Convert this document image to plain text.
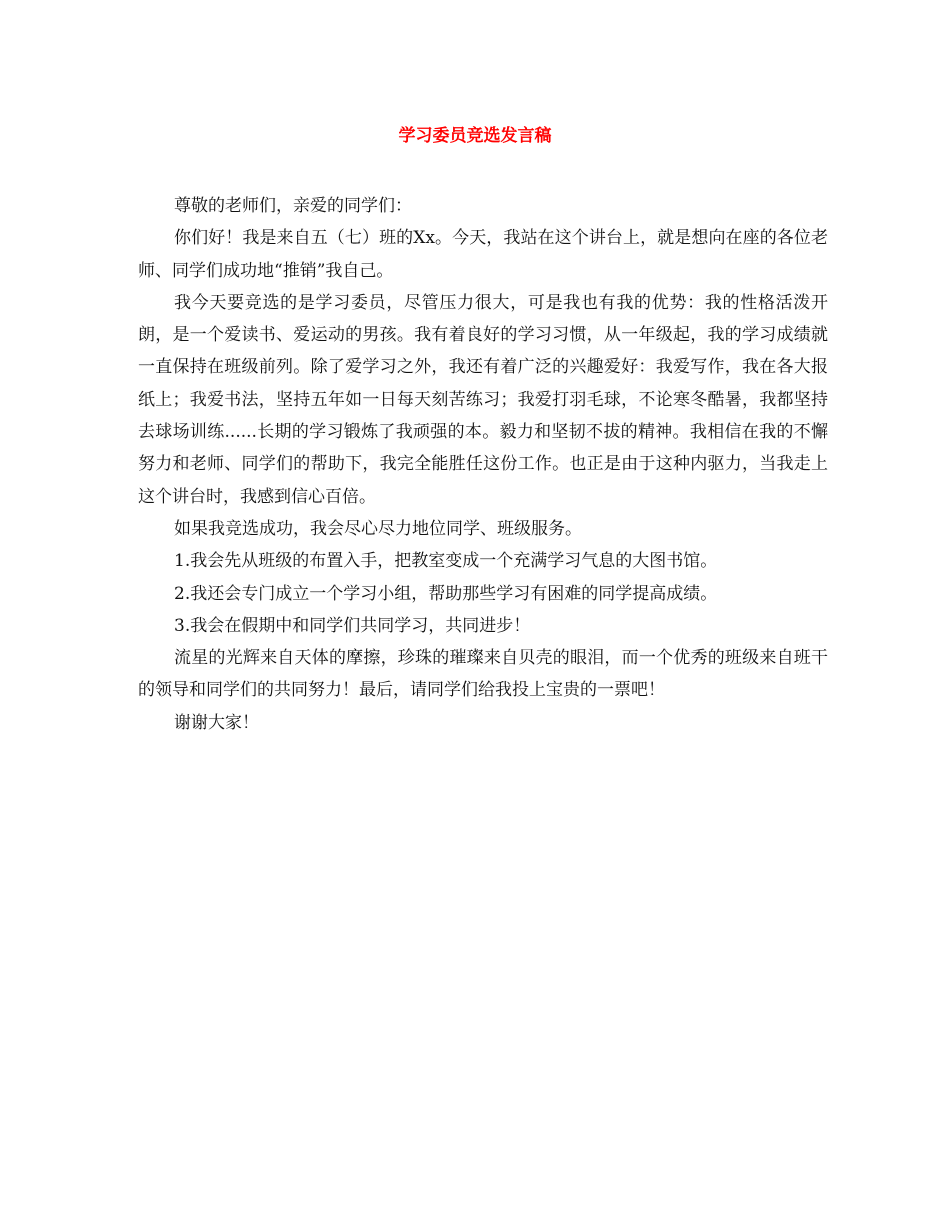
学习委员竞选发言稿

尊敬的老师们，亲爱的同学们：

你们好！我是来自五（七）班的Xx。今天，我站在这个讲台上，就是想向在座的各位老师、同学们成功地“推销”我自己。

我今天要竞选的是学习委员，尽管压力很大，可是我也有我的优势：我的性格活泼开朗，是一个爱读书、爱运动的男孩。我有着良好的学习习惯，从一年级起，我的学习成绩就一直保持在班级前列。除了爱学习之外，我还有着广泛的兴趣爱好：我爱写作，我在各大报纸上；我爱书法，坚持五年如一日每天刻苦练习；我爱打羽毛球，不论寒冬酷暑，我都坚持去球场训练......长期的学习锻炼了我顽强的本。毅力和坚韧不拔的精神。我相信在我的不懈努力和老师、同学们的帮助下，我完全能胜任这份工作。也正是由于这种内驱力，当我走上这个讲台时，我感到信心百倍。

如果我竞选成功，我会尽心尽力地位同学、班级服务。

1.我会先从班级的布置入手，把教室变成一个充满学习气息的大图书馆。

2.我还会专门成立一个学习小组，帮助那些学习有困难的同学提高成绩。

3.我会在假期中和同学们共同学习，共同进步！

流星的光辉来自天体的摩擦，珍珠的璀璨来自贝壳的眼泪，而一个优秀的班级来自班干的领导和同学们的共同努力！最后，请同学们给我投上宝贵的一票吧！

谢谢大家！
